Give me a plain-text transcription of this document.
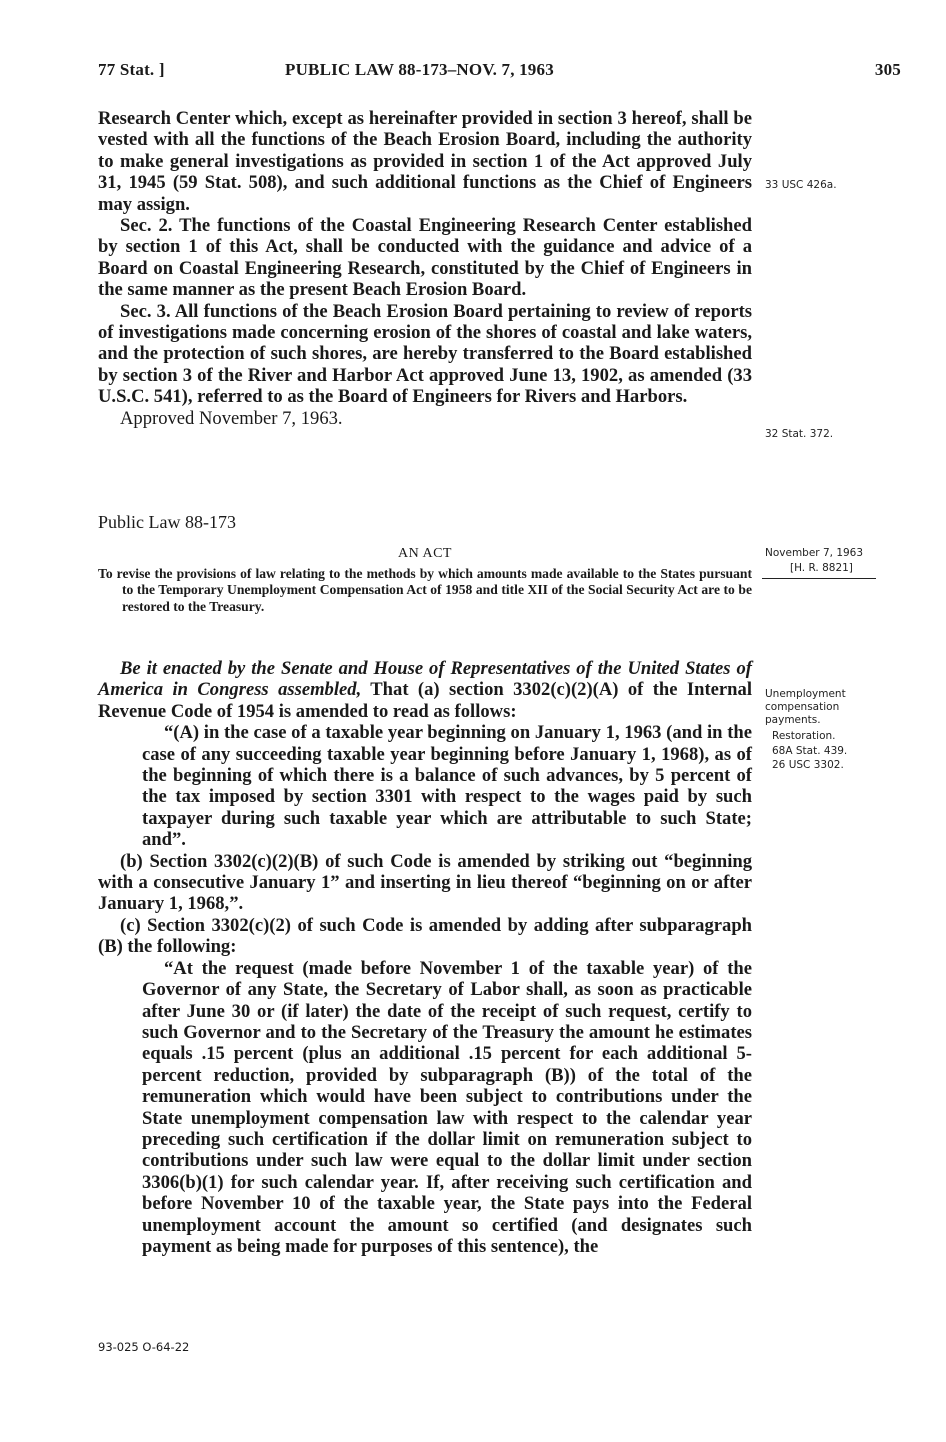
77 Stat. ]	PUBLIC LAW 88-173–NOV. 7, 1963	305

Research Center which, except as hereinafter provided in section 3 hereof, shall be vested with all the functions of the Beach Erosion Board, including the authority to make general investigations as provided in section 1 of the Act approved July 31, 1945 (59 Stat. 508), and such additional functions as the Chief of Engineers may assign.

Sec. 2. The functions of the Coastal Engineering Research Center established by section 1 of this Act, shall be conducted with the guidance and advice of a Board on Coastal Engineering Research, constituted by the Chief of Engineers in the same manner as the present Beach Erosion Board.

Sec. 3. All functions of the Beach Erosion Board pertaining to review of reports of investigations made concerning erosion of the shores of coastal and lake waters, and the protection of such shores, are hereby transferred to the Board established by section 3 of the River and Harbor Act approved June 13, 1902, as amended (33 U.S.C. 541), referred to as the Board of Engineers for Rivers and Harbors.

Approved November 7, 1963.

Public Law 88-173
AN ACT

To revise the provisions of law relating to the methods by which amounts made available to the States pursuant to the Temporary Unemployment Compensation Act of 1958 and title XII of the Social Security Act are to be restored to the Treasury.

Be it enacted by the Senate and House of Representatives of the United States of America in Congress assembled, That (a) section 3302(c)(2)(A) of the Internal Revenue Code of 1954 is amended to read as follows:

“(A) in the case of a taxable year beginning on January 1, 1963 (and in the case of any succeeding taxable year beginning before January 1, 1968), as of the beginning of which there is a balance of such advances, by 5 percent of the tax imposed by section 3301 with respect to the wages paid by such taxpayer during such taxable year which are attributable to such State; and”.

(b) Section 3302(c)(2)(B) of such Code is amended by striking out “beginning with a consecutive January 1” and inserting in lieu thereof “beginning on or after January 1, 1968,”.

(c) Section 3302(c)(2) of such Code is amended by adding after subparagraph (B) the following:

“At the request (made before November 1 of the taxable year) of the Governor of any State, the Secretary of Labor shall, as soon as practicable after June 30 or (if later) the date of the receipt of such request, certify to such Governor and to the Secretary of the Treasury the amount he estimates equals .15 percent (plus an additional .15 percent for each additional 5-percent reduction, provided by subparagraph (B)) of the total of the remuneration which would have been subject to contributions under the State unemployment compensation law with respect to the calendar year preceding such certification if the dollar limit on remuneration subject to contributions under such law were equal to the dollar limit under section 3306(b)(1) for such calendar year. If, after receiving such certification and before November 10 of the taxable year, the State pays into the Federal unemployment account the amount so certified (and designates such payment as being made for purposes of this sentence), the

33 USC 426a.
32 Stat. 372.
November 7, 1963
[H. R. 8821]
Unemployment
compensation payments.
Restoration.
68A Stat. 439.
26 USC 3302.
93-025 O-64-22
